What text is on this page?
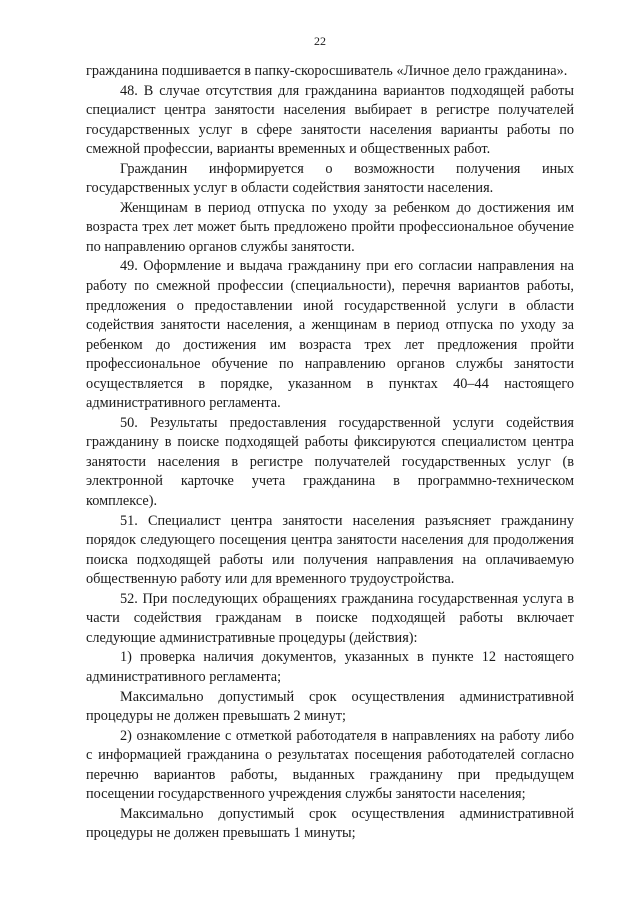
22

гражданина подшивается в папку-скоросшиватель «Личное дело гражданина».

48. В случае отсутствия для гражданина вариантов подходящей работы специалист центра занятости населения выбирает в регистре получателей государственных услуг в сфере занятости населения варианты работы по смежной профессии, варианты временных и общественных работ.

Гражданин информируется о возможности получения иных государственных услуг в области содействия занятости населения.

Женщинам в период отпуска по уходу за ребенком до достижения им возраста трех лет может быть предложено пройти профессиональное обучение по направлению органов службы занятости.

49. Оформление и выдача гражданину при его согласии направления на работу по смежной профессии (специальности), перечня вариантов работы, предложения о предоставлении иной государственной услуги в области содействия занятости населения, а женщинам в период отпуска по уходу за ребенком до достижения им возраста трех лет предложения пройти профессиональное обучение по направлению органов службы занятости осуществляется в порядке, указанном в пунктах 40–44 настоящего административного регламента.

50. Результаты предоставления государственной услуги содействия гражданину в поиске подходящей работы фиксируются специалистом центра занятости населения в регистре получателей государственных услуг (в электронной карточке учета гражданина в программно-техническом комплексе).

51. Специалист центра занятости населения разъясняет гражданину порядок следующего посещения центра занятости населения для продолжения поиска подходящей работы или получения направления на оплачиваемую общественную работу или для временного трудоустройства.

52. При последующих обращениях гражданина государственная услуга в части содействия гражданам в поиске подходящей работы включает следующие административные процедуры (действия):

1) проверка наличия документов, указанных в пункте 12 настоящего административного регламента;

Максимально допустимый срок осуществления административной процедуры не должен превышать 2 минут;

2) ознакомление с отметкой работодателя в направлениях на работу либо с информацией гражданина о результатах посещения работодателей согласно перечню вариантов работы, выданных гражданину при предыдущем посещении государственного учреждения службы занятости населения;

Максимально допустимый срок осуществления административной процедуры не должен превышать 1 минуты;
